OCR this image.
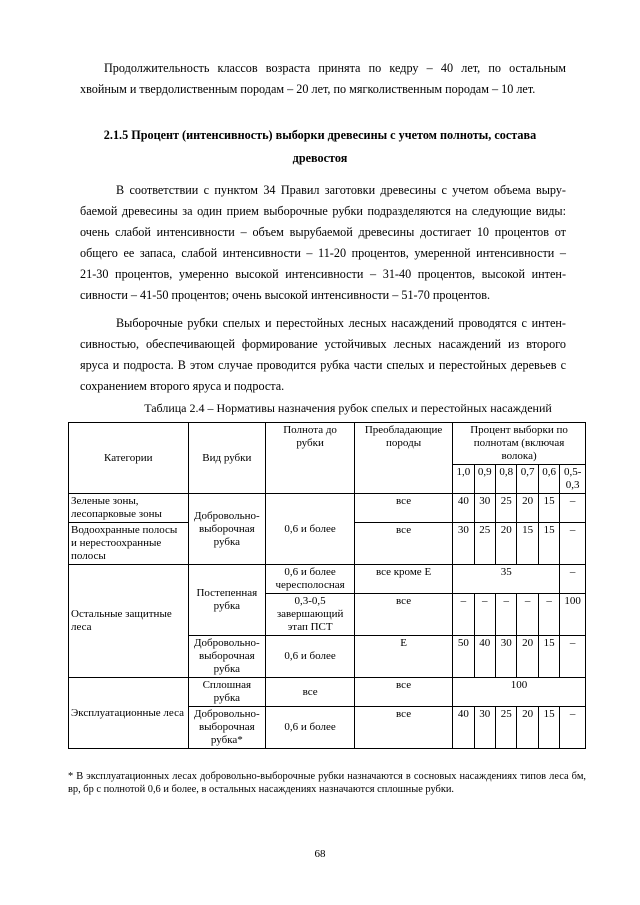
Продолжительность классов возраста принята по кедру – 40 лет, по остальным
хвойным и твердолиственным породам – 20 лет, по мягколиственным породам – 10 лет.
2.1.5 Процент (интенсивность) выборки древесины с учетом полноты, состава
древостоя
В соответствии с пунктом 34 Правил заготовки древесины с учетом объема выру-
баемой древесины за один прием выборочные рубки подразделяются на следующие виды:
очень слабой интенсивности – объем вырубаемой древесины достигает 10 процентов от
общего ее запаса, слабой интенсивности – 11-20 процентов, умеренной интенсивности –
21-30 процентов, умеренно высокой интенсивности – 31-40 процентов, высокой интен-
сивности – 41-50 процентов; очень высокой интенсивности – 51-70 процентов.
Выборочные рубки спелых и перестойных лесных насаждений проводятся с интен-
сивностью, обеспечивающей формирование устойчивых лесных насаждений из второго
яруса и подроста. В этом случае проводится рубка части спелых и перестойных деревьев с
сохранением второго яруса и подроста.
Таблица 2.4 – Нормативы назначения рубок спелых и перестойных насаждений
Категории	Вид рубки	Полнота до рубки	Преобладающие породы	Процент выборки по полнотам (включая волока)					
				1,0	0,9	0,8	0,7	0,6	0,5-0,3
Зеленые зоны, лесопарковые зоны	Добровольно-выборочная рубка	0,6 и более	все	40	30	25	20	15	–
Водоохранные полосы и нерестоохранные полосы			все	30	25	20	15	15	–
Остальные защитные леса	Постепенная рубка	0,6 и более чересполосная	все кроме Е	35					–
		0,3-0,5 завершающий этап ПСТ	все	–	–	–	–	–	100
	Добровольно-выборочная рубка	0,6 и более	Е	50	40	30	20	15	–
Эксплуатационные леса	Сплошная рубка	все	все	100					
	Добровольно-выборочная рубка*	0,6 и более	все	40	30	25	20	15	–
* В эксплуатационных лесах добровольно-выборочные рубки назначаются в сосновых насаждениях типов леса бм, вр, бр с полнотой 0,6 и более, в остальных насаждениях назначаются сплошные рубки.
68
